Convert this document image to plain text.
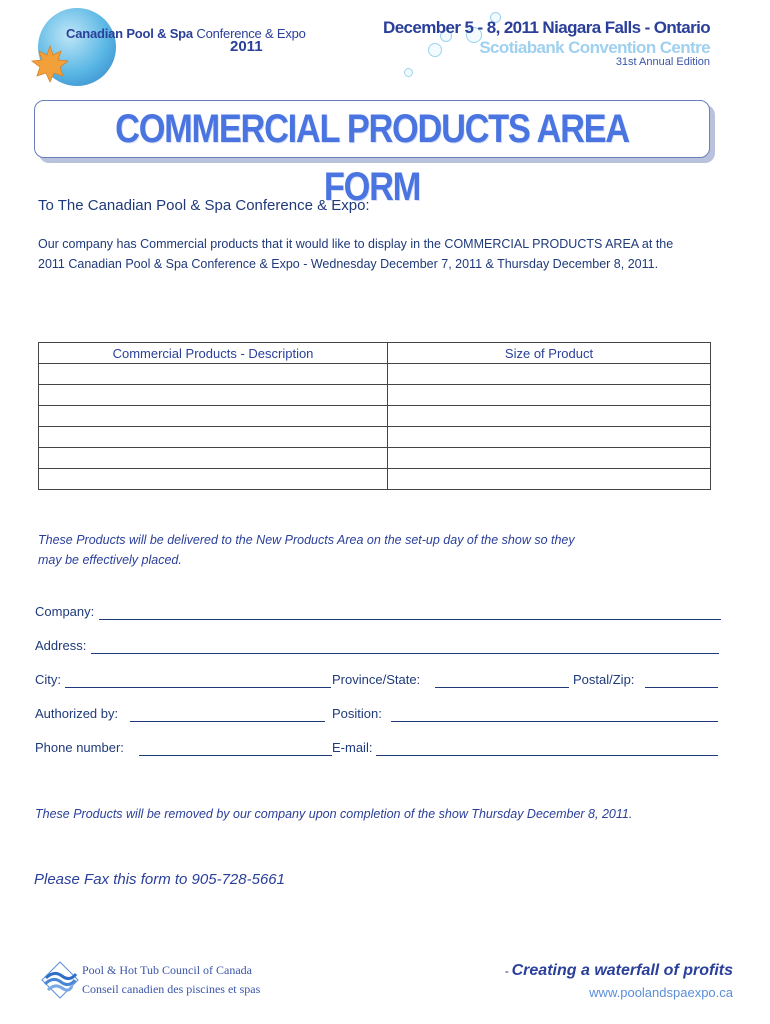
Canadian Pool & Spa Conference & Expo
2011
December 5 - 8, 2011 Niagara Falls - Ontario
Scotiabank Convention Centre
31st Annual Edition
COMMERCIAL PRODUCTS AREA FORM
To The Canadian Pool & Spa Conference & Expo:
Our company has Commercial products that it would like to display in the COMMERCIAL PRODUCTS AREA at the 2011 Canadian Pool & Spa Conference & Expo - Wednesday December 7, 2011 & Thursday December 8, 2011.
Commercial Products - Description	Size of Product

These Products will be delivered to the New Products Area on the set-up day of the show so they may be effectively placed.
Company:
Address:
City:	Province/State:	Postal/Zip:
Authorized by:	Position:
Phone number:	E-mail:
These Products will be removed by our company upon completion of the show Thursday December 8, 2011.
Please Fax this form to 905-728-5661
Pool & Hot Tub Council of Canada
Conseil canadien des piscines et spas
- Creating a waterfall of profits
www.poolandspaexpo.ca
